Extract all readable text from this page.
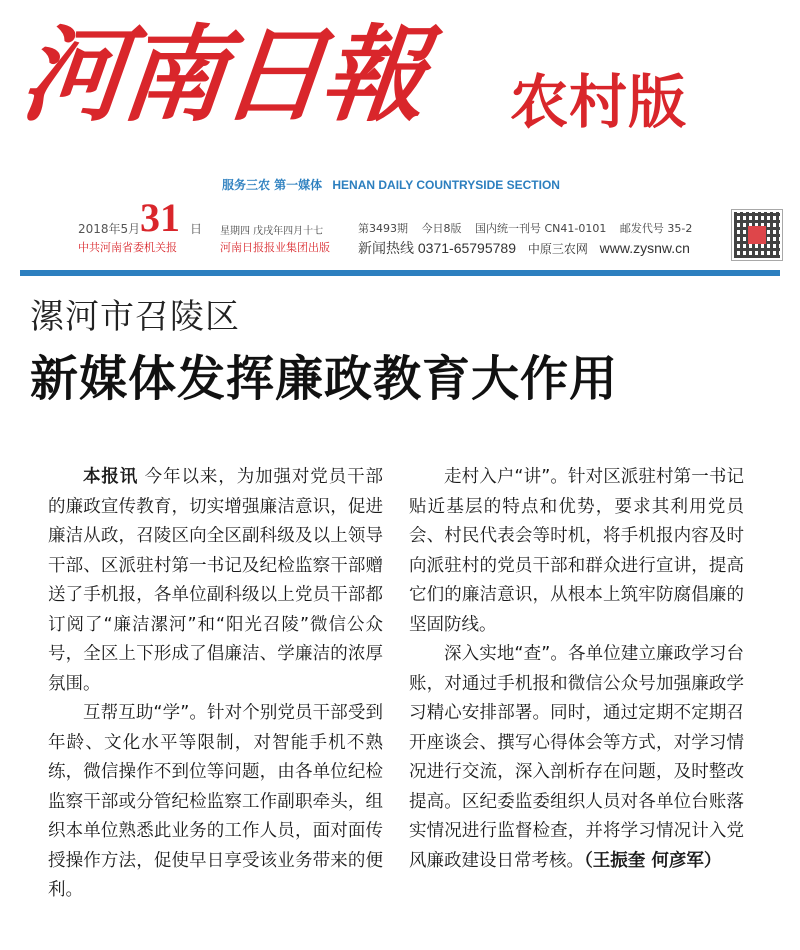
河南日報 农村版
服务三农 第一媒体 HENAN DAILY COUNTRYSIDE SECTION
2018年5月 31 日
中共河南省委机关报
星期四 戊戌年四月十七
河南日报报业集团出版
第3493期 今日8版 国内统一刊号 CN41-0101 邮发代号 35-2
新闻热线 0371-65795789 中原三农网 www.zysnw.cn
漯河市召陵区
新媒体发挥廉政教育大作用

本报讯 今年以来，为加强对党员干部的廉政宣传教育，切实增强廉洁意识，促进廉洁从政，召陵区向全区副科级及以上领导干部、区派驻村第一书记及纪检监察干部赠送了手机报，各单位副科级以上党员干部都订阅了“廉洁漯河”和“阳光召陵”微信公众号，全区上下形成了倡廉洁、学廉洁的浓厚氛围。

互帮互助“学”。针对个别党员干部受到年龄、文化水平等限制，对智能手机不熟练，微信操作不到位等问题，由各单位纪检监察干部或分管纪检监察工作副职牵头，组织本单位熟悉此业务的工作人员，面对面传授操作方法，促使早日享受该业务带来的便利。

走村入户“讲”。针对区派驻村第一书记贴近基层的特点和优势，要求其利用党员会、村民代表会等时机，将手机报内容及时向派驻村的党员干部和群众进行宣讲，提高它们的廉洁意识，从根本上筑牢防腐倡廉的坚固防线。

深入实地“查”。各单位建立廉政学习台账，对通过手机报和微信公众号加强廉政学习精心安排部署。同时，通过定期不定期召开座谈会、撰写心得体会等方式，对学习情况进行交流，深入剖析存在问题，及时整改提高。区纪委监委组织人员对各单位台账落实情况进行监督检查，并将学习情况计入党风廉政建设日常考核。（王振奎 何彦军）
